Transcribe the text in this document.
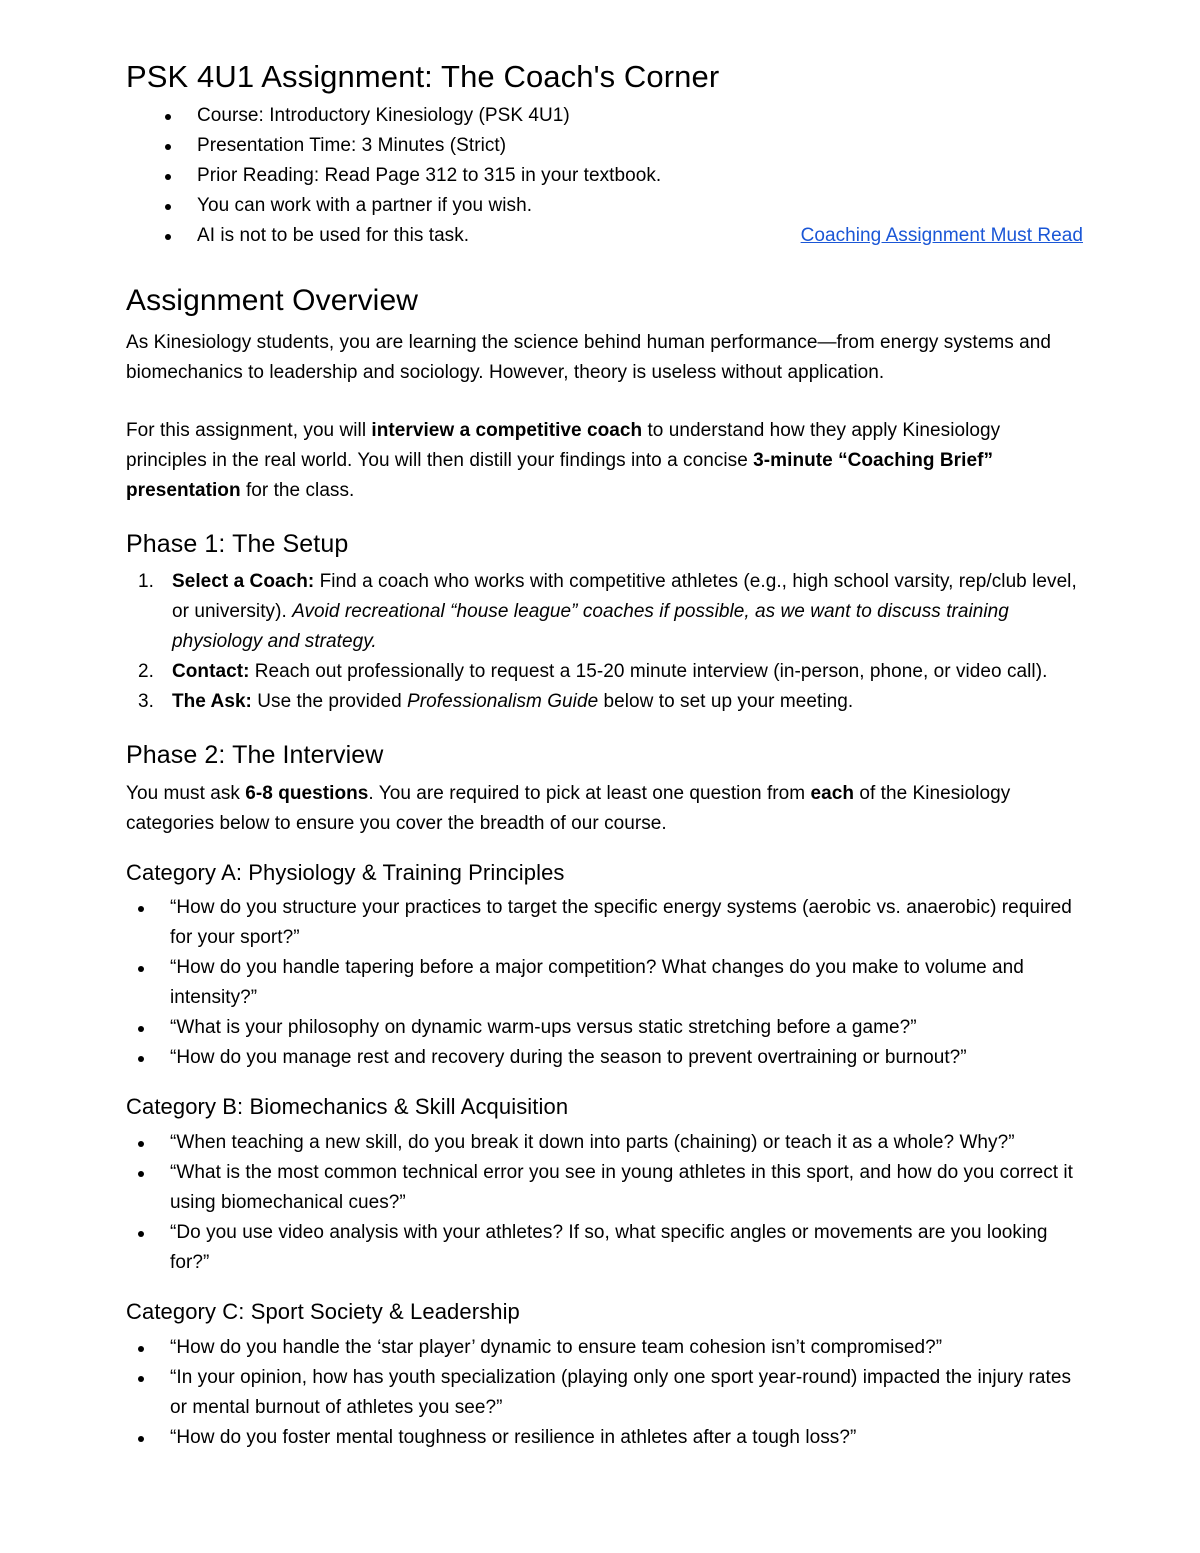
PSK 4U1 Assignment: The Coach's Corner
Course: Introductory Kinesiology (PSK 4U1)
Presentation Time: 3 Minutes (Strict)
Prior Reading: Read Page 312 to 315 in your textbook.
You can work with a partner if you wish.
AI is not to be used for this task.	Coaching Assignment Must Read
Assignment Overview

As Kinesiology students, you are learning the science behind human performance—from energy systems and biomechanics to leadership and sociology. However, theory is useless without application.

For this assignment, you will interview a competitive coach to understand how they apply Kinesiology principles in the real world. You will then distill your findings into a concise 3-minute “Coaching Brief” presentation for the class.

Phase 1: The Setup
Select a Coach: Find a coach who works with competitive athletes (e.g., high school varsity, rep/club level, or university). Avoid recreational “house league” coaches if possible, as we want to discuss training physiology and strategy.
Contact: Reach out professionally to request a 15-20 minute interview (in-person, phone, or video call).
The Ask: Use the provided Professionalism Guide below to set up your meeting.
Phase 2: The Interview

You must ask 6-8 questions. You are required to pick at least one question from each of the Kinesiology categories below to ensure you cover the breadth of our course.

Category A: Physiology & Training Principles
“How do you structure your practices to target the specific energy systems (aerobic vs. anaerobic) required for your sport?”
“How do you handle tapering before a major competition? What changes do you make to volume and intensity?”
“What is your philosophy on dynamic warm-ups versus static stretching before a game?”
“How do you manage rest and recovery during the season to prevent overtraining or burnout?”
Category B: Biomechanics & Skill Acquisition
“When teaching a new skill, do you break it down into parts (chaining) or teach it as a whole? Why?”
“What is the most common technical error you see in young athletes in this sport, and how do you correct it using biomechanical cues?”
“Do you use video analysis with your athletes? If so, what specific angles or movements are you looking for?”
Category C: Sport Society & Leadership
“How do you handle the ‘star player’ dynamic to ensure team cohesion isn’t compromised?”
“In your opinion, how has youth specialization (playing only one sport year-round) impacted the injury rates or mental burnout of athletes you see?”
“How do you foster mental toughness or resilience in athletes after a tough loss?”
